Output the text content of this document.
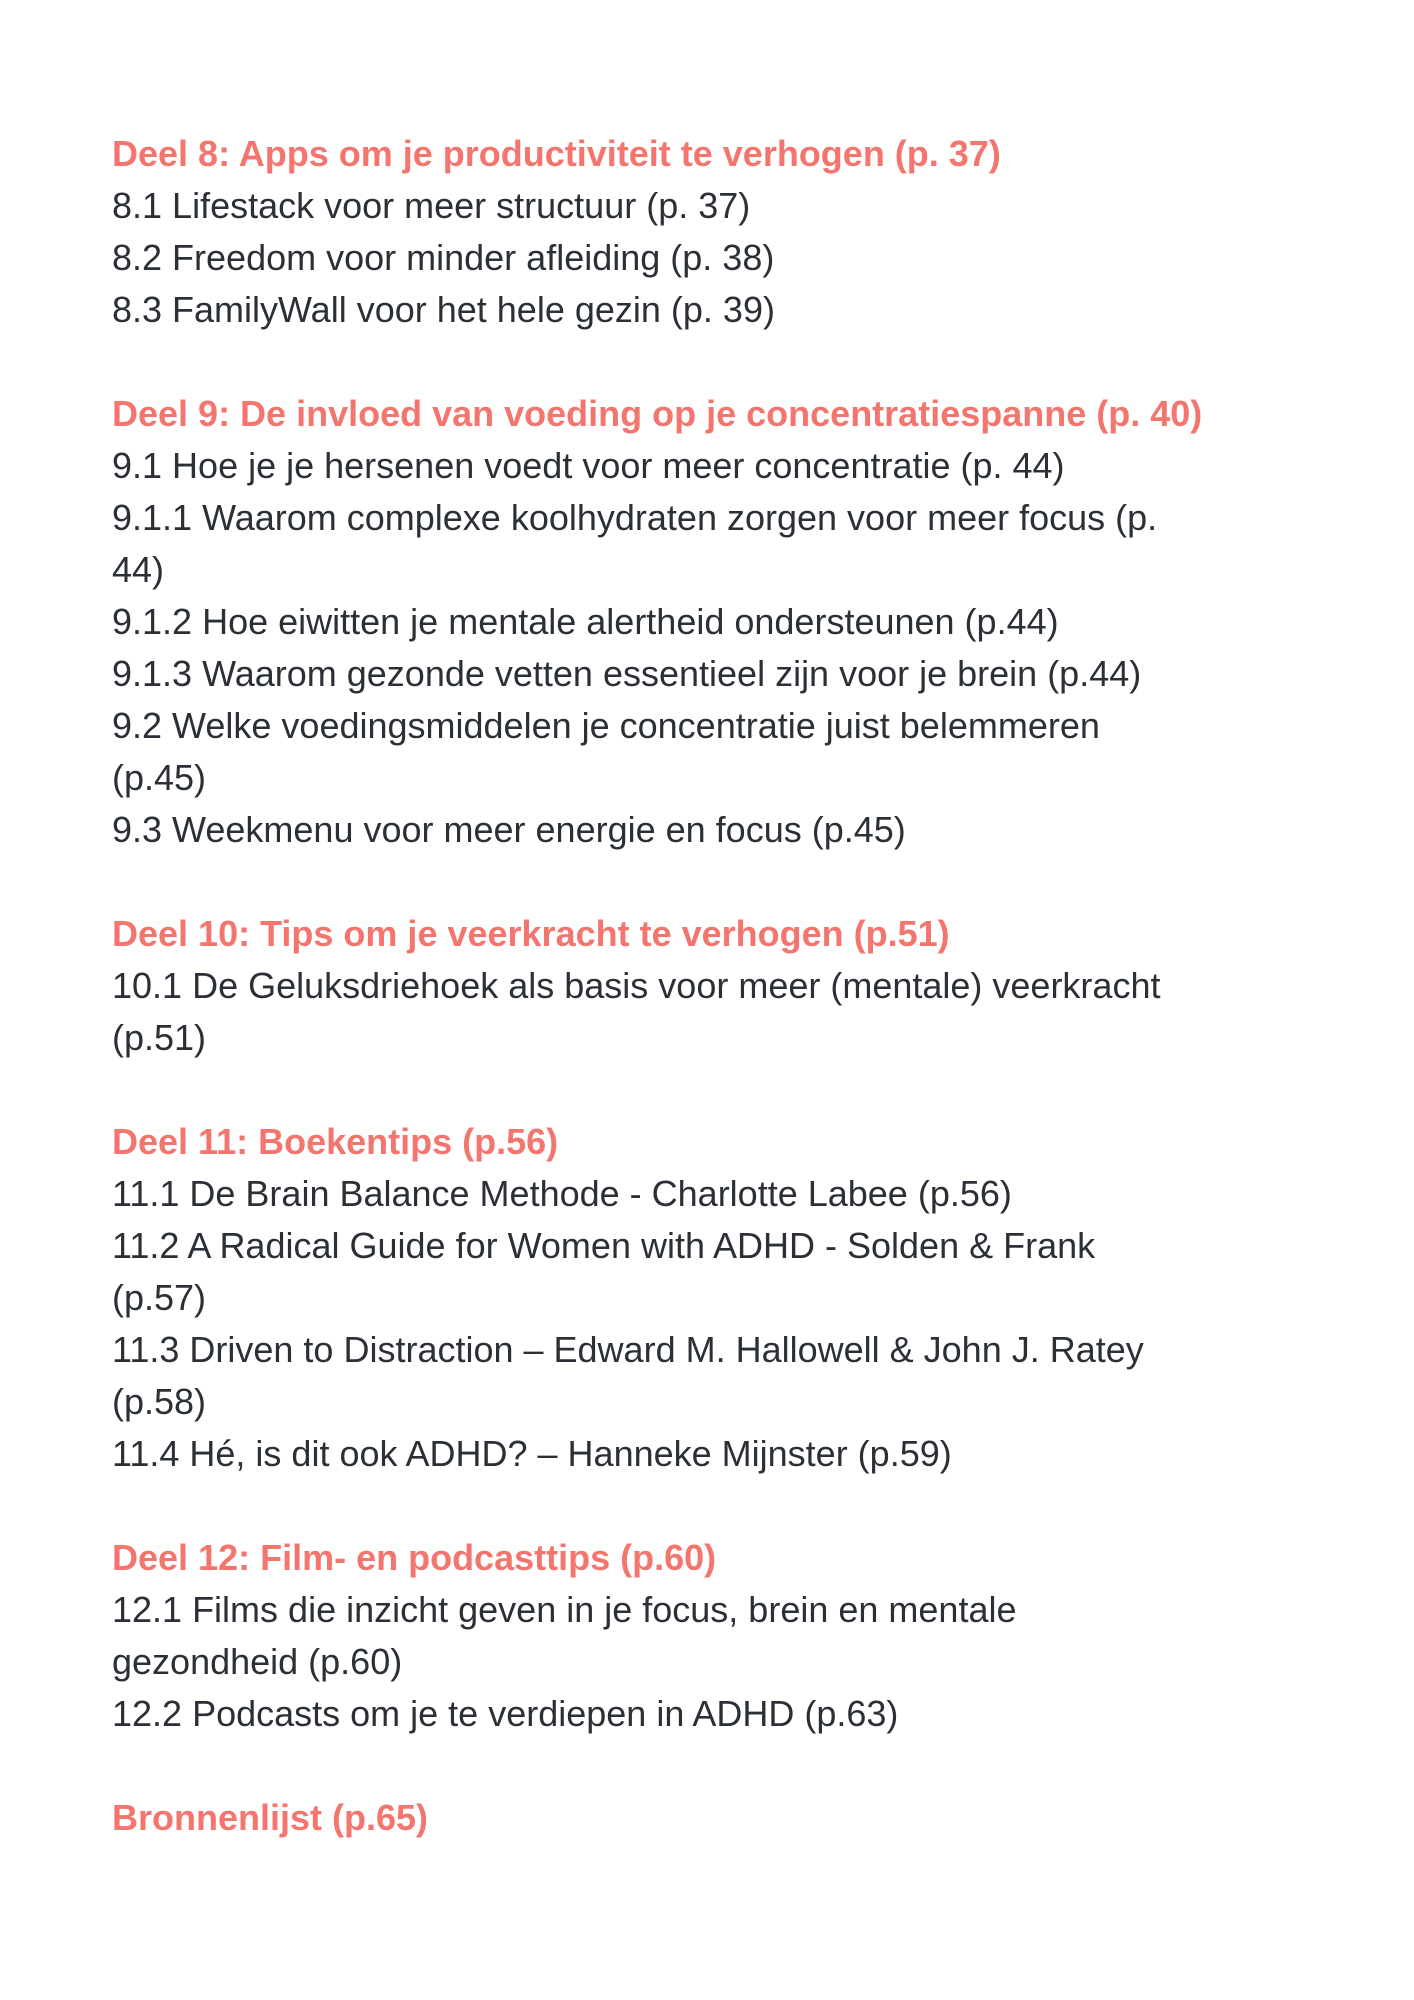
Deel 8: Apps om je productiviteit te verhogen (p. 37)
8.1 Lifestack voor meer structuur (p. 37)
8.2 Freedom voor minder afleiding (p. 38)
8.3 FamilyWall voor het hele gezin (p. 39)
Deel 9: De invloed van voeding op je concentratiespanne (p. 40)
9.1 Hoe je je hersenen voedt voor meer concentratie (p. 44)
9.1.1 Waarom complexe koolhydraten zorgen voor meer focus (p. 44)
9.1.2 Hoe eiwitten je mentale alertheid ondersteunen (p.44)
9.1.3 Waarom gezonde vetten essentieel zijn voor je brein (p.44)
9.2 Welke voedingsmiddelen je concentratie juist belemmeren (p.45)
9.3 Weekmenu voor meer energie en focus (p.45)
Deel 10: Tips om je veerkracht te verhogen (p.51)
10.1 De Geluksdriehoek als basis voor meer (mentale) veerkracht (p.51)
Deel 11: Boekentips (p.56)
11.1 De Brain Balance Methode - Charlotte Labee (p.56)
11.2 A Radical Guide for Women with ADHD - Solden & Frank (p.57)
11.3 Driven to Distraction – Edward M. Hallowell & John J. Ratey (p.58)
11.4 Hé, is dit ook ADHD? – Hanneke Mijnster (p.59)
Deel 12: Film- en podcasttips (p.60)
12.1 Films die inzicht geven in je focus, brein en mentale gezondheid (p.60)
12.2 Podcasts om je te verdiepen in ADHD (p.63)
Bronnenlijst (p.65)
